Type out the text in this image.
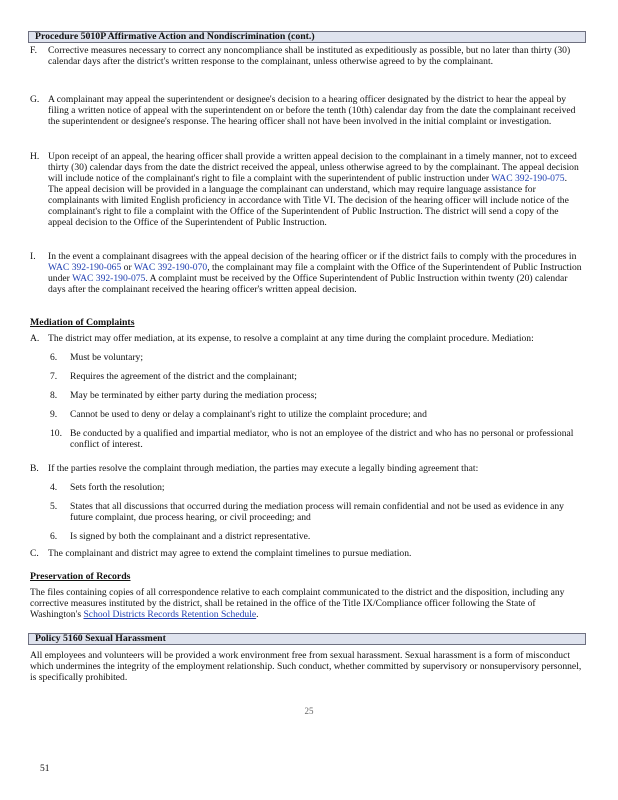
Procedure 5010P Affirmative Action and Nondiscrimination (cont.)
F. Corrective measures necessary to correct any noncompliance shall be instituted as expeditiously as possible, but no later than thirty (30) calendar days after the district's written response to the complainant, unless otherwise agreed to by the complainant.
G. A complainant may appeal the superintendent or designee's decision to a hearing officer designated by the district to hear the appeal by filing a written notice of appeal with the superintendent on or before the tenth (10th) calendar day from the date the complainant received the superintendent or designee's response. The hearing officer shall not have been involved in the initial complaint or investigation.
H. Upon receipt of an appeal, the hearing officer shall provide a written appeal decision to the complainant in a timely manner, not to exceed thirty (30) calendar days from the date the district received the appeal, unless otherwise agreed to by the complainant. The appeal decision will include notice of the complainant's right to file a complaint with the superintendent of public instruction under WAC 392-190-075. The appeal decision will be provided in a language the complainant can understand, which may require language assistance for complainants with limited English proficiency in accordance with Title VI. The decision of the hearing officer will include notice of the complainant's right to file a complaint with the Office of the Superintendent of Public Instruction. The district will send a copy of the appeal decision to the Office of the Superintendent of Public Instruction.
I. In the event a complainant disagrees with the appeal decision of the hearing officer or if the district fails to comply with the procedures in WAC 392-190-065 or WAC 392-190-070, the complainant may file a complaint with the Office of the Superintendent of Public Instruction under WAC 392-190-075. A complaint must be received by the Office Superintendent of Public Instruction within twenty (20) calendar days after the complainant received the hearing officer's written appeal decision.
Mediation of Complaints
A. The district may offer mediation, at its expense, to resolve a complaint at any time during the complaint procedure. Mediation:
6. Must be voluntary;
7. Requires the agreement of the district and the complainant;
8. May be terminated by either party during the mediation process;
9. Cannot be used to deny or delay a complainant's right to utilize the complaint procedure; and
10. Be conducted by a qualified and impartial mediator, who is not an employee of the district and who has no personal or professional conflict of interest.
B. If the parties resolve the complaint through mediation, the parties may execute a legally binding agreement that:
4. Sets forth the resolution;
5. States that all discussions that occurred during the mediation process will remain confidential and not be used as evidence in any future complaint, due process hearing, or civil proceeding; and
6. Is signed by both the complainant and a district representative.
C. The complainant and district may agree to extend the complaint timelines to pursue mediation.
Preservation of Records
The files containing copies of all correspondence relative to each complaint communicated to the district and the disposition, including any corrective measures instituted by the district, shall be retained in the office of the Title IX/Compliance officer following the State of Washington's School Districts Records Retention Schedule.
Policy 5160 Sexual Harassment
All employees and volunteers will be provided a work environment free from sexual harassment. Sexual harassment is a form of misconduct which undermines the integrity of the employment relationship. Such conduct, whether committed by supervisory or nonsupervisory personnel, is specifically prohibited.
25
51
